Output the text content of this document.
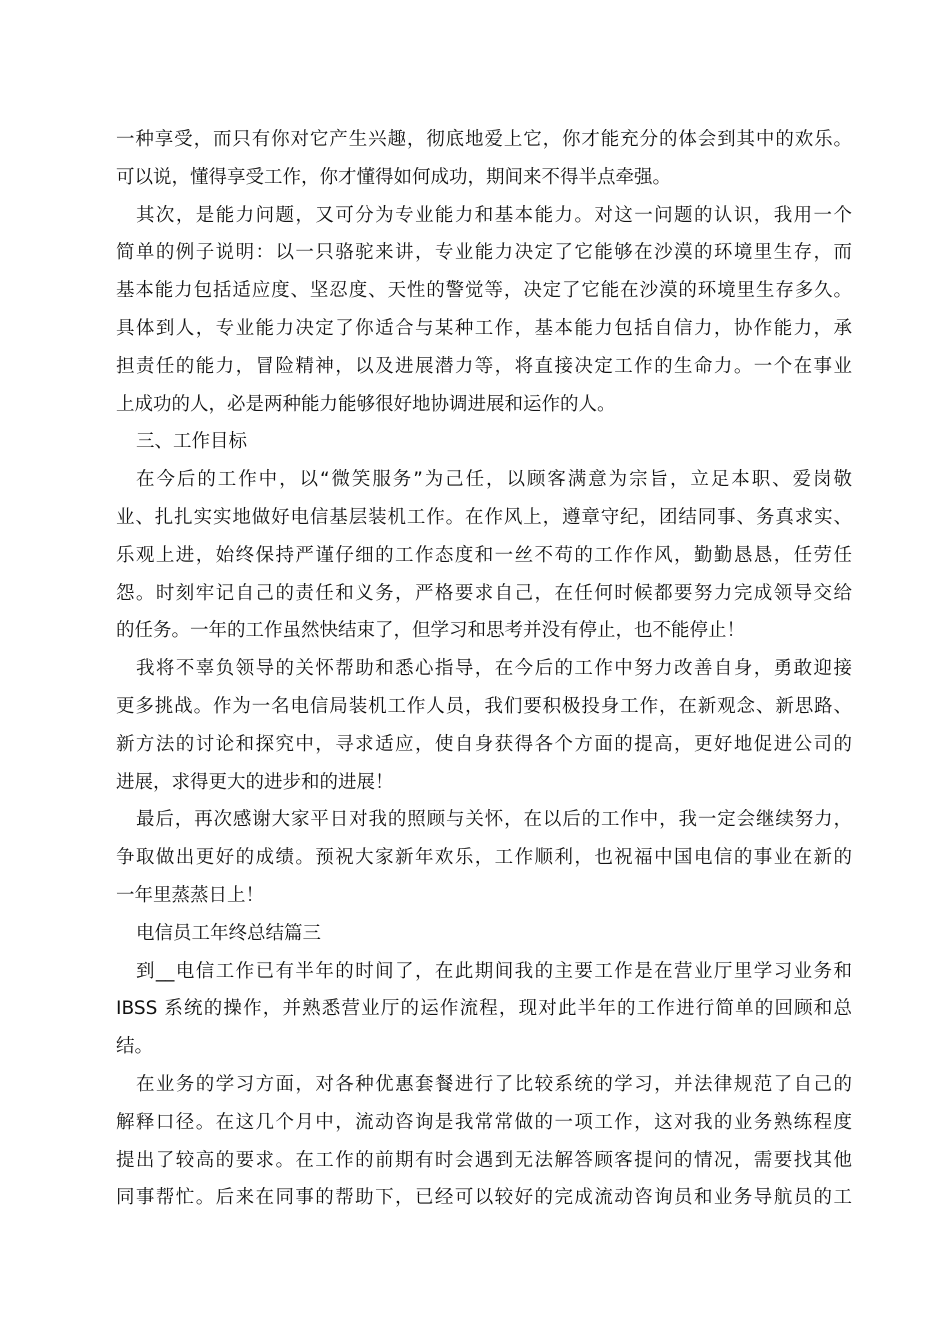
一种享受，而只有你对它产生兴趣，彻底地爱上它，你才能充分的体会到其中的欢乐。
可以说，懂得享受工作，你才懂得如何成功，期间来不得半点牵强。
其次，是能力问题，又可分为专业能力和基本能力。对这一问题的认识，我用一个
简单的例子说明：以一只骆驼来讲，专业能力决定了它能够在沙漠的环境里生存，而
基本能力包括适应度、坚忍度、天性的警觉等，决定了它能在沙漠的环境里生存多久。
具体到人，专业能力决定了你适合与某种工作，基本能力包括自信力，协作能力，承
担责任的能力，冒险精神，以及进展潜力等，将直接决定工作的生命力。一个在事业
上成功的人，必是两种能力能够很好地协调进展和运作的人。
三、工作目标
在今后的工作中，以“微笑服务”为己任，以顾客满意为宗旨，立足本职、爱岗敬
业、扎扎实实地做好电信基层装机工作。在作风上，遵章守纪，团结同事、务真求实、
乐观上进，始终保持严谨仔细的工作态度和一丝不苟的工作作风，勤勤恳恳，任劳任
怨。时刻牢记自己的责任和义务，严格要求自己，在任何时候都要努力完成领导交给
的任务。一年的工作虽然快结束了，但学习和思考并没有停止，也不能停止！
我将不辜负领导的关怀帮助和悉心指导，在今后的工作中努力改善自身，勇敢迎接
更多挑战。作为一名电信局装机工作人员，我们要积极投身工作，在新观念、新思路、
新方法的讨论和探究中，寻求适应，使自身获得各个方面的提高，更好地促进公司的
进展，求得更大的进步和的进展！
最后，再次感谢大家平日对我的照顾与关怀，在以后的工作中，我一定会继续努力，
争取做出更好的成绩。预祝大家新年欢乐，工作顺利，也祝福中国电信的事业在新的
一年里蒸蒸日上！
电信员工年终总结篇三
到__电信工作已有半年的时间了，在此期间我的主要工作是在营业厅里学习业务和
IBSS 系统的操作，并熟悉营业厅的运作流程，现对此半年的工作进行简单的回顾和总
结。
在业务的学习方面，对各种优惠套餐进行了比较系统的学习，并法律规范了自己的
解释口径。在这几个月中，流动咨询是我常常做的一项工作，这对我的业务熟练程度
提出了较高的要求。在工作的前期有时会遇到无法解答顾客提问的情况，需要找其他
同事帮忙。后来在同事的帮助下，已经可以较好的完成流动咨询员和业务导航员的工
